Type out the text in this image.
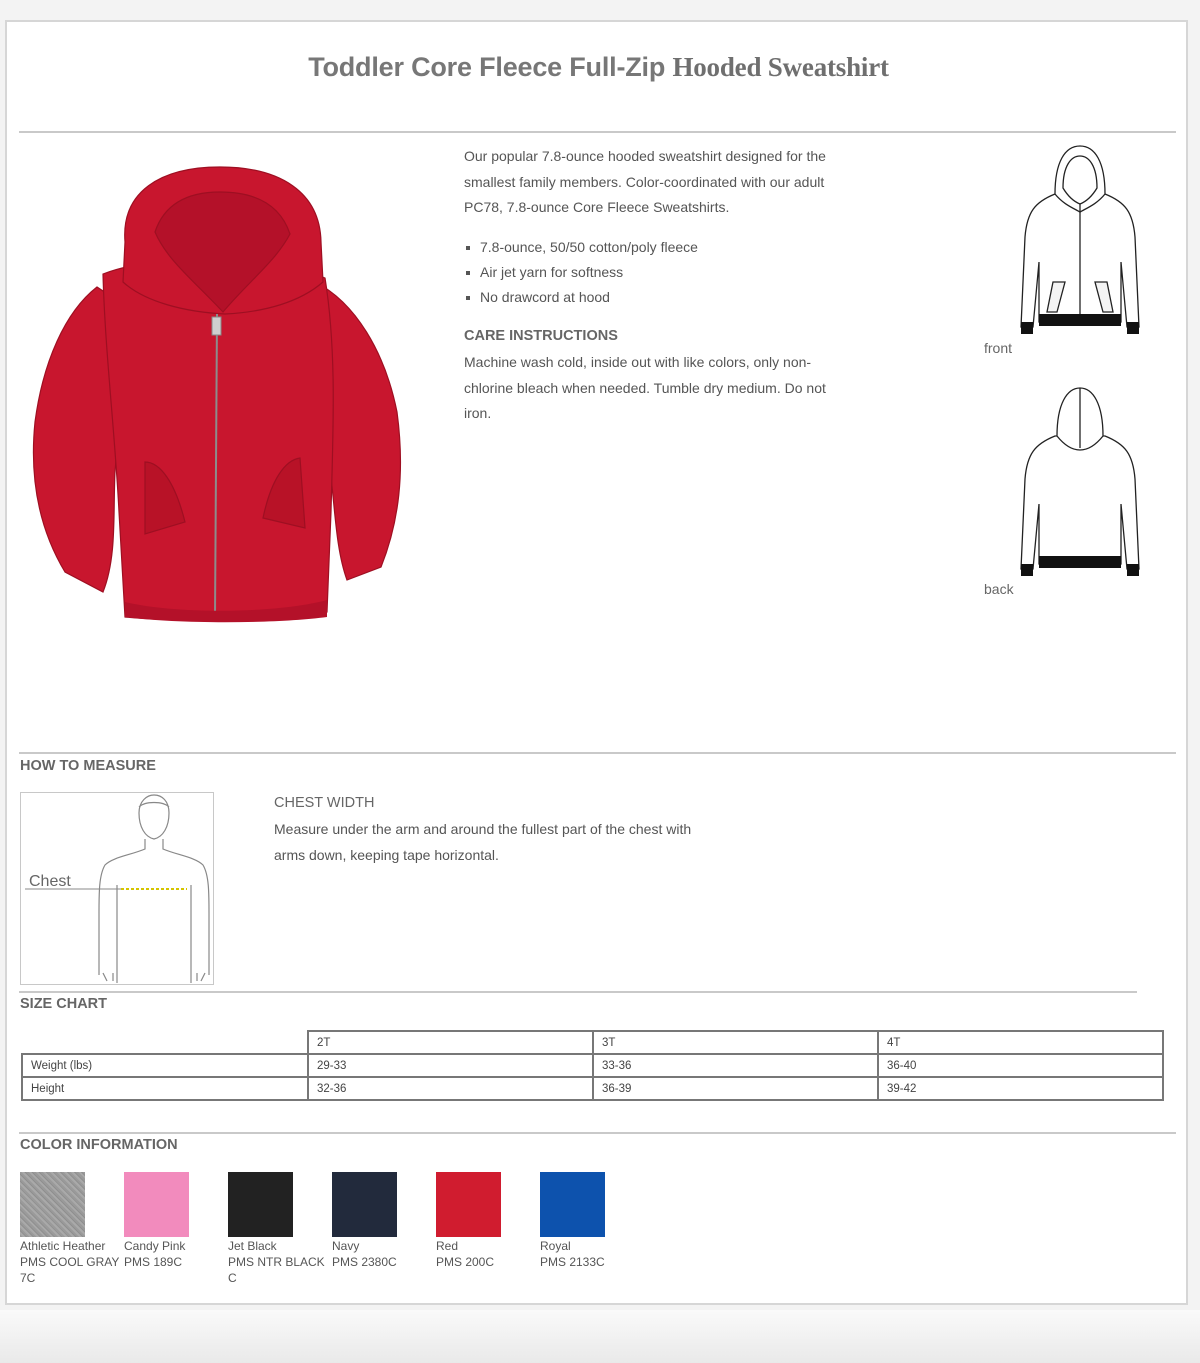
Toddler Core Fleece Full-Zip Hooded Sweatshirt
Our popular 7.8-ounce hooded sweatshirt designed for the smallest family members. Color-coordinated with our adult PC78, 7.8-ounce Core Fleece Sweatshirts.
7.8-ounce, 50/50 cotton/poly fleece
Air jet yarn for softness
No drawcord at hood
CARE INSTRUCTIONS
Machine wash cold, inside out with like colors, only non-chlorine bleach when needed. Tumble dry medium. Do not iron.
front
back
HOW TO MEASURE
Chest
CHEST WIDTH
Measure under the arm and around the fullest part of the chest with arms down, keeping tape horizontal.
SIZE CHART
	2T	3T	4T
Weight (lbs)	29-33	33-36	36-40
Height	32-36	36-39	39-42
COLOR INFORMATION
Athletic Heather
PMS COOL GRAY 7C
Candy Pink
PMS 189C
Jet Black
PMS NTR BLACK C
Navy
PMS 2380C
Red
PMS 200C
Royal
PMS 2133C
